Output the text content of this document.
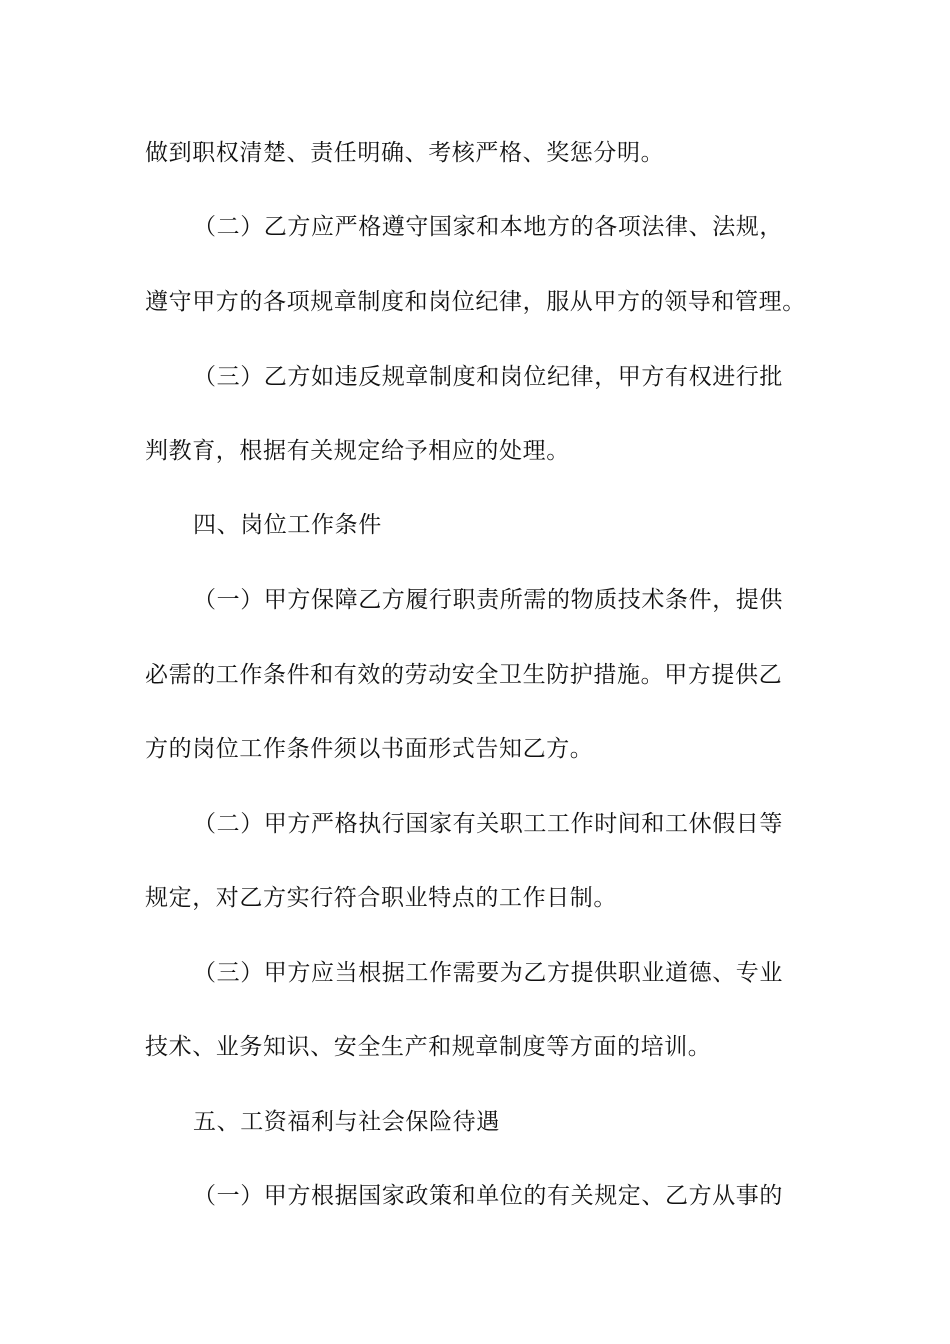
做到职权清楚、责任明确、考核严格、奖惩分明。
（二）乙方应严格遵守国家和本地方的各项法律、法规，
遵守甲方的各项规章制度和岗位纪律，服从甲方的领导和管理。
（三）乙方如违反规章制度和岗位纪律，甲方有权进行批
判教育，根据有关规定给予相应的处理。
四、岗位工作条件
（一）甲方保障乙方履行职责所需的物质技术条件，提供
必需的工作条件和有效的劳动安全卫生防护措施。甲方提供乙
方的岗位工作条件须以书面形式告知乙方。
（二）甲方严格执行国家有关职工工作时间和工休假日等
规定，对乙方实行符合职业特点的工作日制。
（三）甲方应当根据工作需要为乙方提供职业道德、专业
技术、业务知识、安全生产和规章制度等方面的培训。
五、工资福利与社会保险待遇
（一）甲方根据国家政策和单位的有关规定、乙方从事的
